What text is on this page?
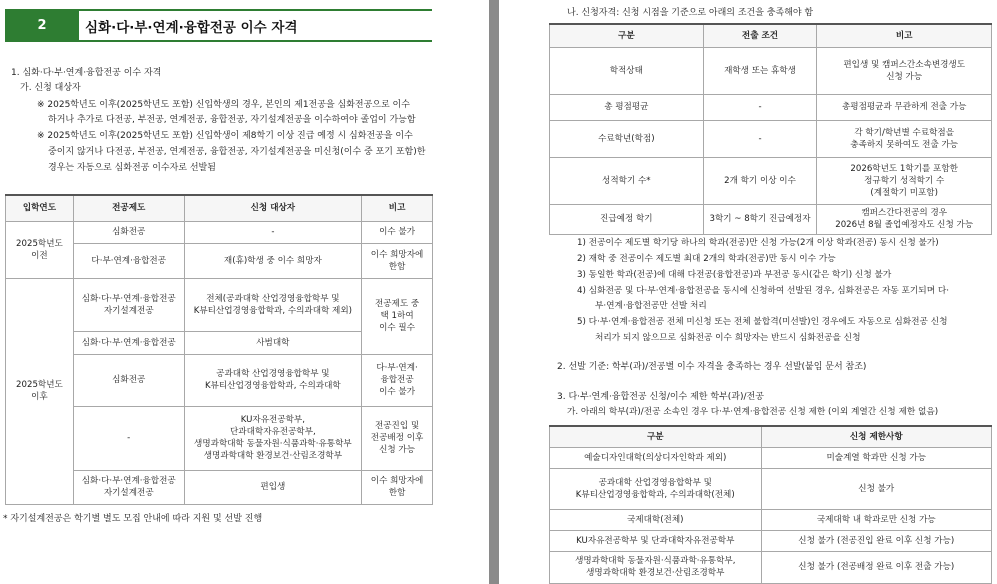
2	심화·다·부·연계·융합전공 이수 자격
1. 심화·다·부·연계·융합전공 이수 자격
가. 신청 대상자
※ 2025학년도 이후(2025학년도 포함) 신입학생의 경우, 본인의 제1전공을 심화전공으로 이수
하거나 추가로 다전공, 부전공, 연계전공, 융합전공, 자기설계전공을 이수하여야 졸업이 가능함
※ 2025학년도 이후(2025학년도 포함) 신입학생이 제8학기 이상 진급 예정 시 심화전공을 이수
중이지 않거나 다전공, 부전공, 연계전공, 융합전공, 자기설계전공을 미신청(이수 중 포기 포함)한
경우는 자동으로 심화전공 이수자로 선발됨
입학연도	전공제도	신청 대상자	비고
2025학년도
이전	심화전공	-	이수 불가
	다·부·연계·융합전공	재(휴)학생 중 이수 희망자	이수 희망자에
한함
2025학년도
이후	심화·다·부·연계·융합전공
자기설계전공	전체(공과대학 산업경영융합학부 및
K뷰티산업경영융합학과, 수의과대학 제외)	전공제도 중
택 1하여
이수 필수
	심화·다·부·연계·융합전공	사범대학	
	심화전공	공과대학 산업경영융합학부 및
K뷰티산업경영융합학과, 수의과대학	다·부·연계·
융합전공
이수 불가
	-	KU자유전공학부,
단과대학자유전공학부,
생명과학대학 동물자원·식품과학·유통학부
생명과학대학 환경보건·산림조경학부	전공진입 및
전공배정 이후
신청 가능
	심화·다·부·연계·융합전공
자기설계전공	편입생	이수 희망자에
한함
* 자기설계전공은 학기별 별도 모집 안내에 따라 지원 및 선발 진행
나. 신청자격: 신청 시점을 기준으로 아래의 조건을 충족해야 함
구분	전출 조건	비고
학적상태	재학생 또는 휴학생	편입생 및 캠퍼스간소속변경생도
신청 가능
총 평점평균	-	총평점평균과 무관하게 전출 가능
수료학년(학점)	-	각 학기/학년별 수료학점을
충족하지 못하여도 전출 가능
성적학기 수*	2개 학기 이상 이수	2026학년도 1학기를 포함한
정규학기 성적학기 수
(계절학기 미포함)
진급예정 학기	3학기 ~ 8학기 진급예정자	캠퍼스간다전공의 경우
2026년 8월 졸업예정자도 신청 가능
1) 전공이수 제도별 학기당 하나의 학과(전공)만 신청 가능(2개 이상 학과(전공) 동시 신청 불가)
2) 재학 중 전공이수 제도별 최대 2개의 학과(전공)만 동시 이수 가능
3) 동일한 학과(전공)에 대해 다전공(융합전공)과 부전공 동시(같은 학기) 신청 불가
4) 심화전공 및 다·부·연계·융합전공을 동시에 신청하여 선발된 경우, 심화전공은 자동 포기되며 다·
부·연계·융합전공만 선발 처리
5) 다·부·연계·융합전공 전체 미신청 또는 전체 불합격(미선발)인 경우에도 자동으로 심화전공 신청
처리가 되지 않으므로 심화전공 이수 희망자는 반드시 심화전공을 신청
2. 선발 기준: 학부(과)/전공별 이수 자격을 충족하는 경우 선발(붙임 문서 참조)
3. 다·부·연계·융합전공 신청/이수 제한 학부(과)/전공
가. 아래의 학부(과)/전공 소속인 경우 다·부·연계·융합전공 신청 제한 (이외 계열간 신청 제한 없음)
구분	신청 제한사항
예술디자인대학(의상디자인학과 제외)	미술계열 학과만 신청 가능
공과대학 산업경영융합학부 및
K뷰티산업경영융합학과, 수의과대학(전체)	신청 불가
국제대학(전체)	국제대학 내 학과로만 신청 가능
KU자유전공학부 및 단과대학자유전공학부	신청 불가 (전공진입 완료 이후 신청 가능)
생명과학대학 동물자원·식품과학·유통학부,
생명과학대학 환경보건·산림조경학부	신청 불가 (전공배정 완료 이후 전출 가능)
